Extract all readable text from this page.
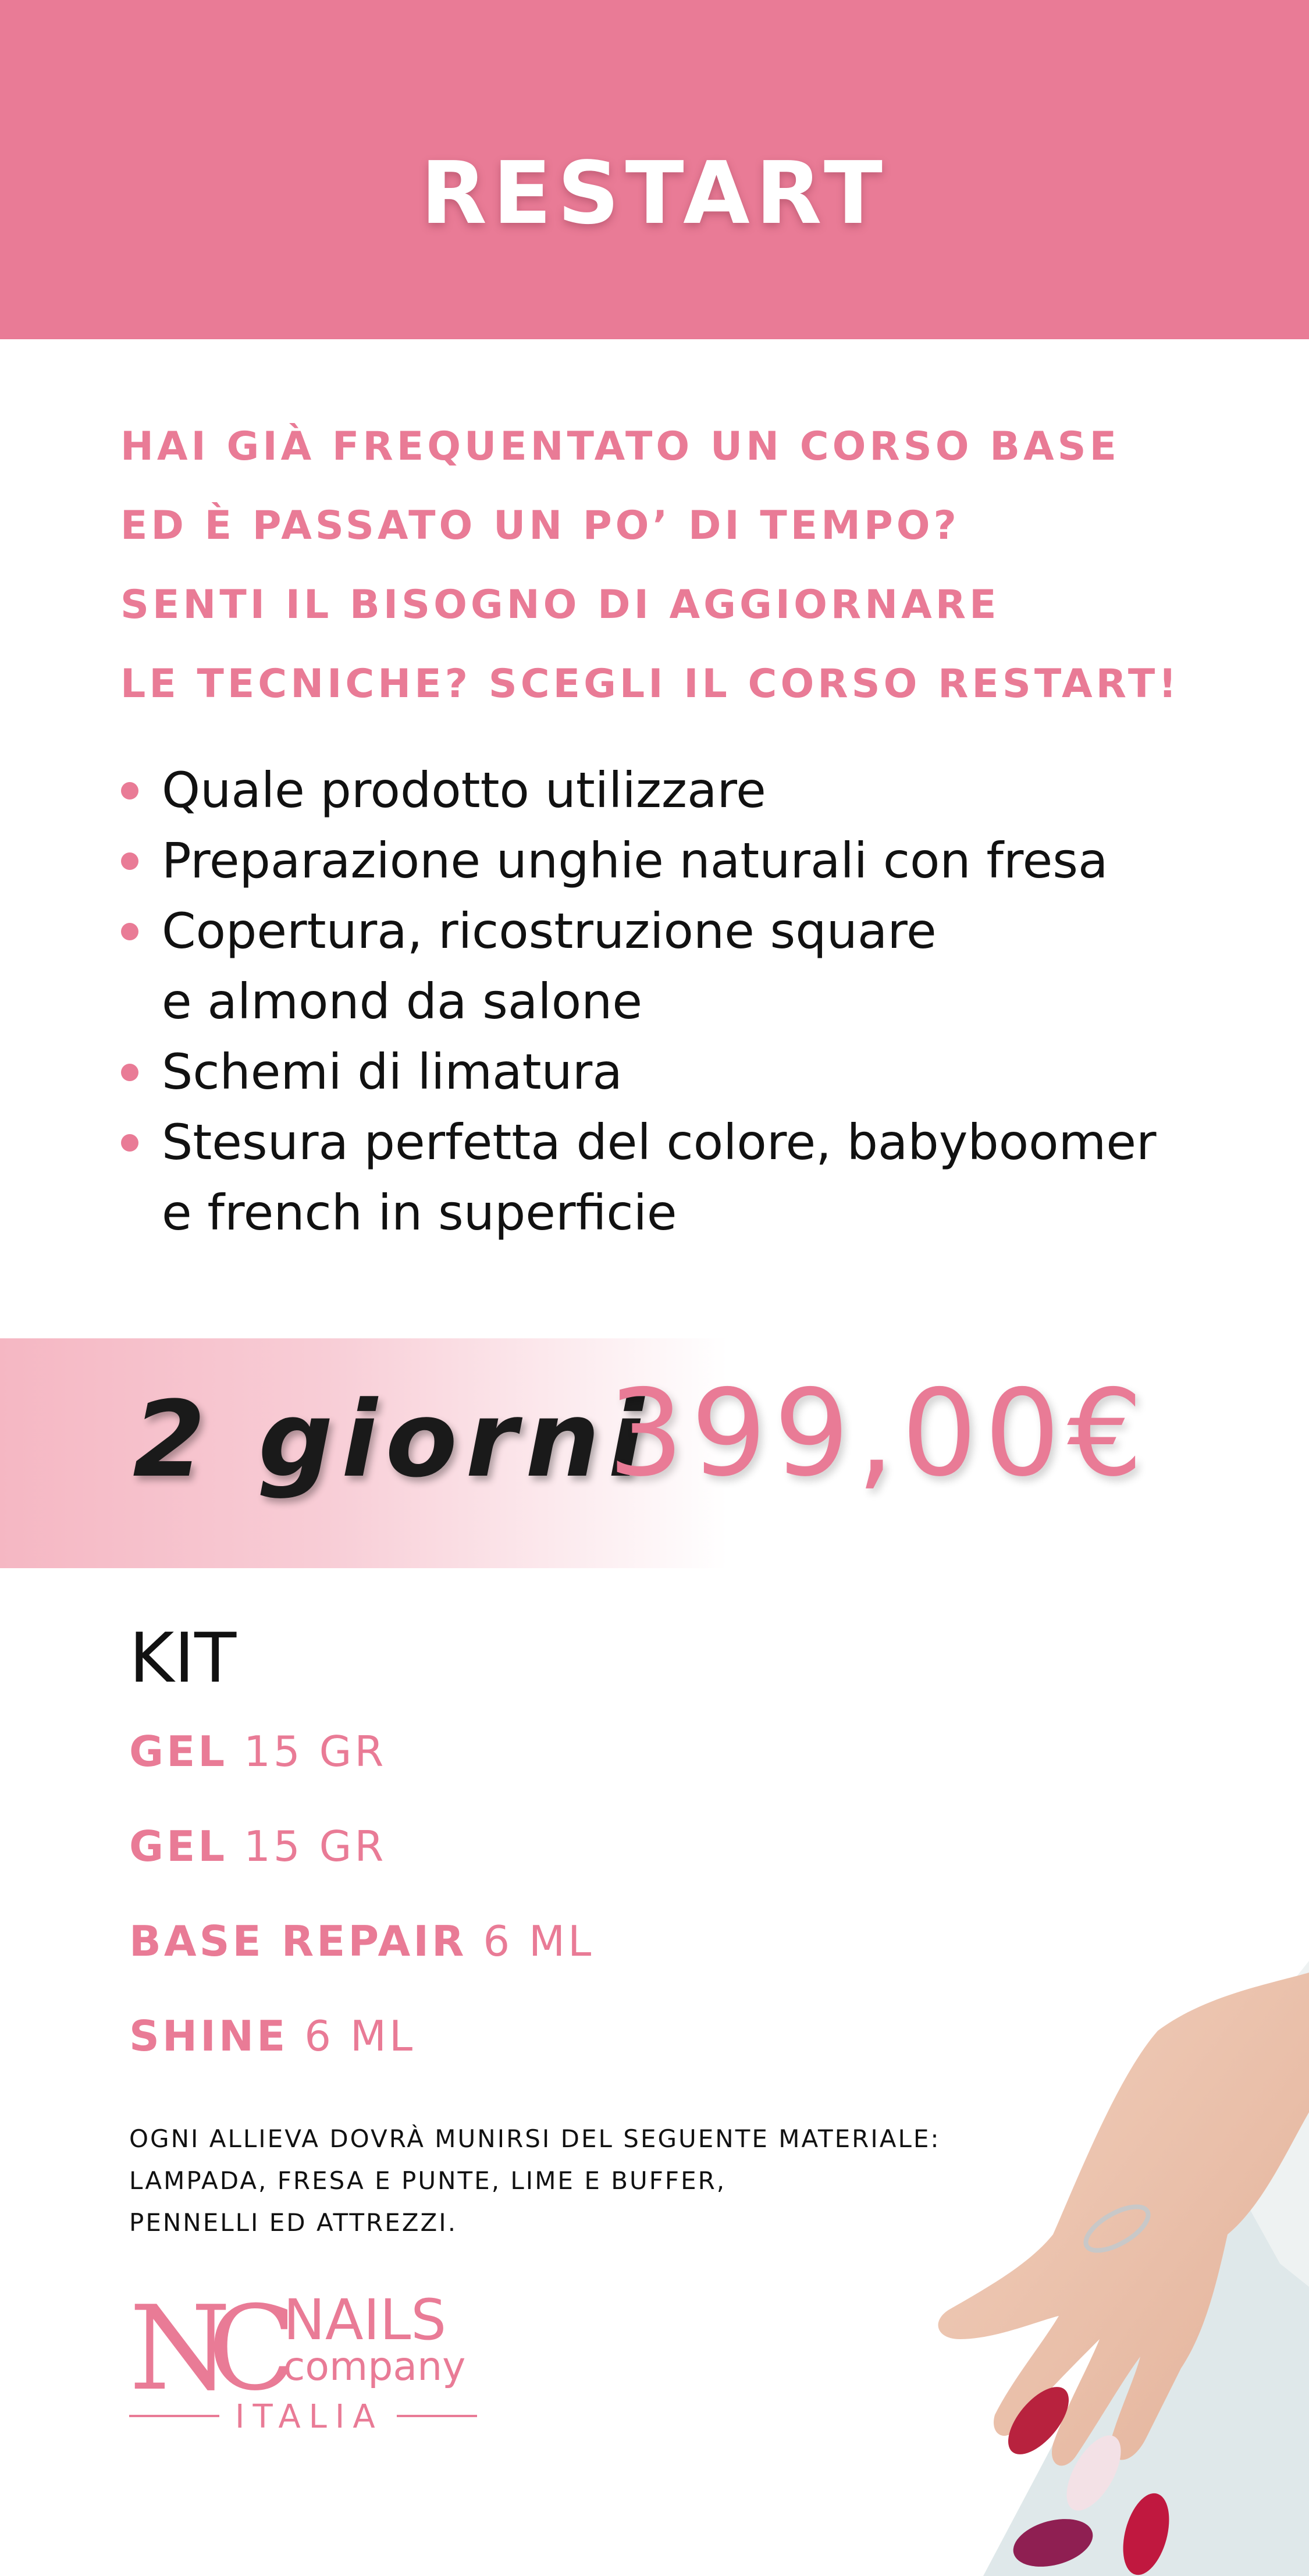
RESTART
HAI GIÀ FREQUENTATO UN CORSO BASE
ED È PASSATO UN PO’ DI TEMPO?
SENTI IL BISOGNO DI AGGIORNARE
LE TECNICHE? SCEGLI IL CORSO RESTART!
Quale prodotto utilizzare
Preparazione unghie naturali con fresa
Copertura, ricostruzione square
e almond da salone
Schemi di limatura
Stesura perfetta del colore, babyboomer
e french in superficie
2 giorni
399,00€
KIT
GEL 15 GR
GEL 15 GR
BASE REPAIR 6 ML
SHINE 6 ML
OGNI ALLIEVA DOVRÀ MUNIRSI DEL SEGUENTE MATERIALE:
LAMPADA, FRESA E PUNTE, LIME E BUFFER,
PENNELLI ED ATTREZZI.
NC NAILS
company
ITALIA
